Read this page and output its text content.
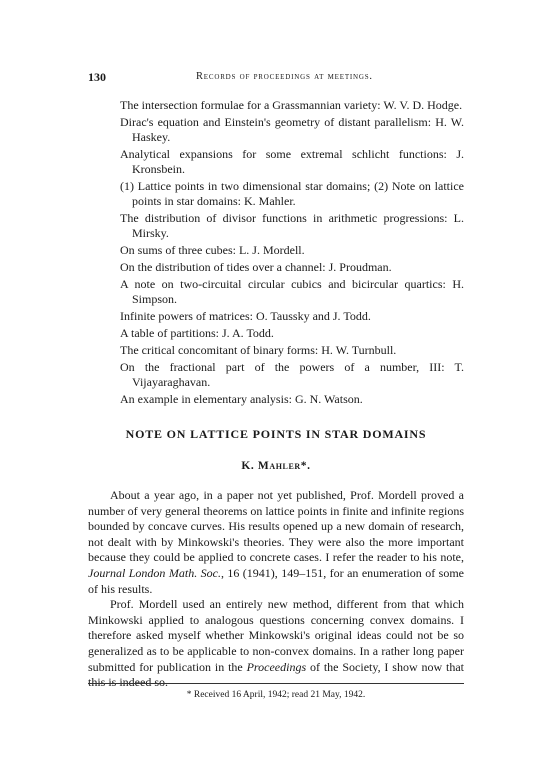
130	Records of proceedings at meetings.
The intersection formulae for a Grassmannian variety: W. V. D. Hodge.
Dirac's equation and Einstein's geometry of distant parallelism: H. W. Haskey.
Analytical expansions for some extremal schlicht functions: J. Kronsbein.
(1) Lattice points in two dimensional star domains; (2) Note on lattice points in star domains: K. Mahler.
The distribution of divisor functions in arithmetic progressions: L. Mirsky.
On sums of three cubes: L. J. Mordell.
On the distribution of tides over a channel: J. Proudman.
A note on two-circuital circular cubics and bicircular quartics: H. Simpson.
Infinite powers of matrices: O. Taussky and J. Todd.
A table of partitions: J. A. Todd.
The critical concomitant of binary forms: H. W. Turnbull.
On the fractional part of the powers of a number, III: T. Vijayaraghavan.
An example in elementary analysis: G. N. Watson.
NOTE ON LATTICE POINTS IN STAR DOMAINS
K. Mahler*.

About a year ago, in a paper not yet published, Prof. Mordell proved a number of very general theorems on lattice points in finite and infinite regions bounded by concave curves. His results opened up a new domain of research, not dealt with by Minkowski's theories. They were also the more important because they could be applied to concrete cases. I refer the reader to his note, Journal London Math. Soc., 16 (1941), 149–151, for an enumeration of some of his results.

Prof. Mordell used an entirely new method, different from that which Minkowski applied to analogous questions concerning convex domains. I therefore asked myself whether Minkowski's original ideas could not be so generalized as to be applicable to non-convex domains. In a rather long paper submitted for publication in the Proceedings of the Society, I show now that this is indeed so.

* Received 16 April, 1942; read 21 May, 1942.
